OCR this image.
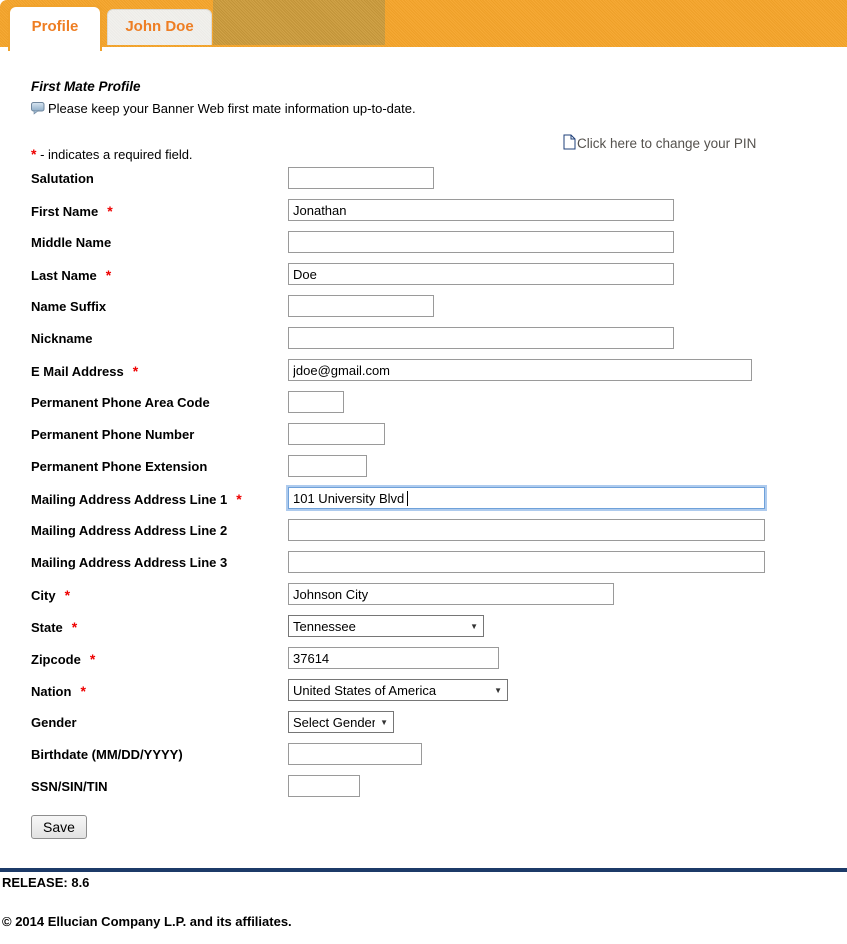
Profile	John Doe
First Mate Profile
Please keep your Banner Web first mate information up-to-date.
Click here to change your PIN
* - indicates a required field.
Salutation
First Name *
Jonathan
Middle Name
Last Name *
Doe
Name Suffix
Nickname
E Mail Address *
jdoe@gmail.com
Permanent Phone Area Code
Permanent Phone Number
Permanent Phone Extension
Mailing Address Address Line 1 *
101 University Blvd
Mailing Address Address Line 2
Mailing Address Address Line 3
City *
Johnson City
State *
Tennessee ▼
Zipcode *
37614
Nation *
United States of America ▼
Gender
Select Gender ▼
Birthdate (MM/DD/YYYY)
SSN/SIN/TIN
Save
RELEASE: 8.6
© 2014 Ellucian Company L.P. and its affiliates.
